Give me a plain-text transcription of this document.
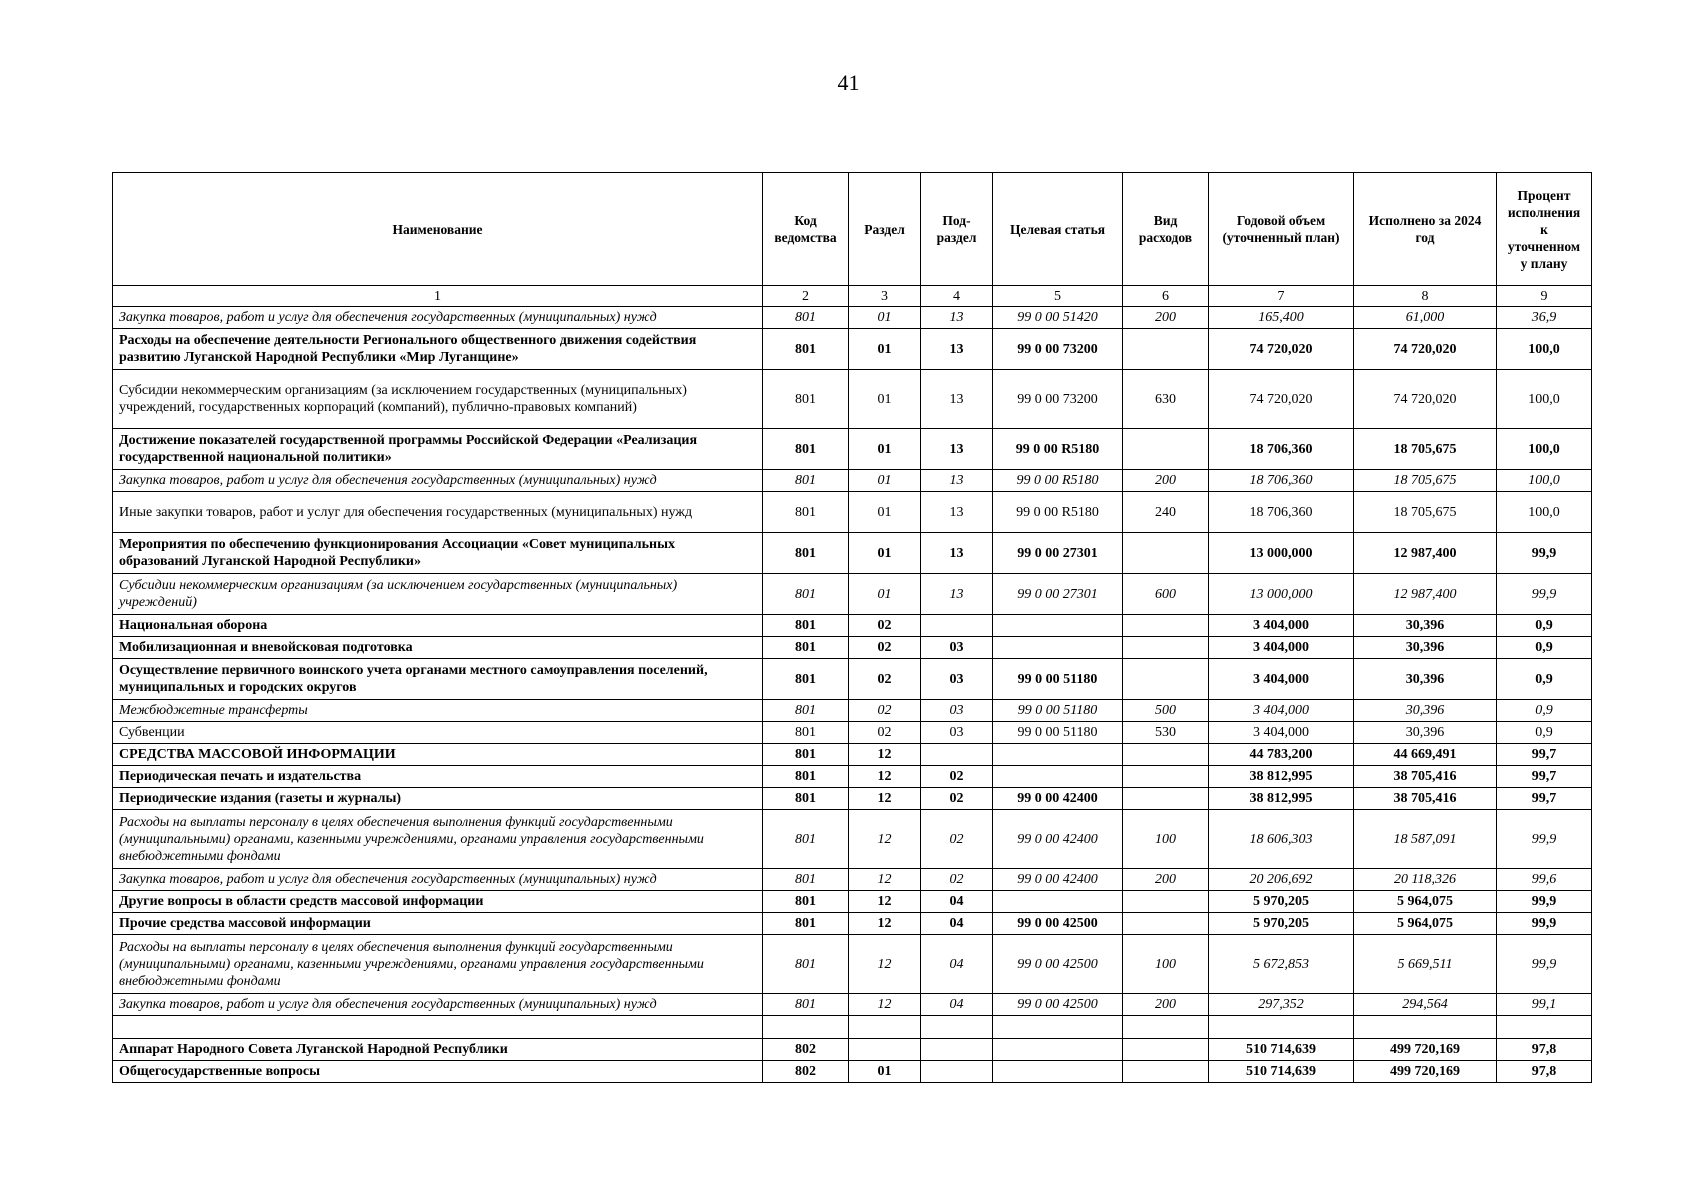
41
Наименование	Код ведомства	Раздел	Под-раздел	Целевая статья	Вид расходов	Годовой объем (уточненный план)	Исполнено за 2024 год	Процент исполнения к уточненном у плану
1	2	3	4	5	6	7	8	9
Закупка товаров, работ и услуг для обеспечения государственных (муниципальных) нужд	801	01	13	99 0 00 51420	200	165,400	61,000	36,9
Расходы на обеспечение деятельности Регионального общественного движения содействия развитию Луганской Народной Республики «Мир Луганщине»	801	01	13	99 0 00 73200		74 720,020	74 720,020	100,0
Субсидии некоммерческим организациям (за исключением государственных (муниципальных) учреждений, государственных корпораций (компаний), публично-правовых компаний)	801	01	13	99 0 00 73200	630	74 720,020	74 720,020	100,0
Достижение показателей государственной программы Российской Федерации «Реализация государственной национальной политики»	801	01	13	99 0 00 R5180		18 706,360	18 705,675	100,0
Закупка товаров, работ и услуг для обеспечения государственных (муниципальных) нужд	801	01	13	99 0 00 R5180	200	18 706,360	18 705,675	100,0
Иные закупки товаров, работ и услуг для обеспечения государственных (муниципальных) нужд	801	01	13	99 0 00 R5180	240	18 706,360	18 705,675	100,0
Мероприятия по обеспечению функционирования Ассоциации «Совет муниципальных образований Луганской Народной Республики»	801	01	13	99 0 00 27301		13 000,000	12 987,400	99,9
Субсидии некоммерческим организациям (за исключением государственных (муниципальных) учреждений)	801	01	13	99 0 00 27301	600	13 000,000	12 987,400	99,9
Национальная оборона	801	02				3 404,000	30,396	0,9
Мобилизационная и вневойсковая подготовка	801	02	03			3 404,000	30,396	0,9
Осуществление первичного воинского учета органами местного самоуправления поселений, муниципальных и городских округов	801	02	03	99 0 00 51180		3 404,000	30,396	0,9
Межбюджетные трансферты	801	02	03	99 0 00 51180	500	3 404,000	30,396	0,9
Субвенции	801	02	03	99 0 00 51180	530	3 404,000	30,396	0,9
СРЕДСТВА МАССОВОЙ ИНФОРМАЦИИ	801	12				44 783,200	44 669,491	99,7
Периодическая печать и издательства	801	12	02			38 812,995	38 705,416	99,7
Периодические издания (газеты и журналы)	801	12	02	99 0 00 42400		38 812,995	38 705,416	99,7
Расходы на выплаты персоналу в целях обеспечения выполнения функций государственными (муниципальными) органами, казенными учреждениями, органами управления государственными внебюджетными фондами	801	12	02	99 0 00 42400	100	18 606,303	18 587,091	99,9
Закупка товаров, работ и услуг для обеспечения государственных (муниципальных) нужд	801	12	02	99 0 00 42400	200	20 206,692	20 118,326	99,6
Другие вопросы в области средств массовой информации	801	12	04			5 970,205	5 964,075	99,9
Прочие средства массовой информации	801	12	04	99 0 00 42500		5 970,205	5 964,075	99,9
Расходы на выплаты персоналу в целях обеспечения выполнения функций государственными (муниципальными) органами, казенными учреждениями, органами управления государственными внебюджетными фондами	801	12	04	99 0 00 42500	100	5 672,853	5 669,511	99,9
Закупка товаров, работ и услуг для обеспечения государственных (муниципальных) нужд	801	12	04	99 0 00 42500	200	297,352	294,564	99,1

Аппарат Народного Совета Луганской Народной Республики	802					510 714,639	499 720,169	97,8
Общегосударственные вопросы	802	01				510 714,639	499 720,169	97,8
